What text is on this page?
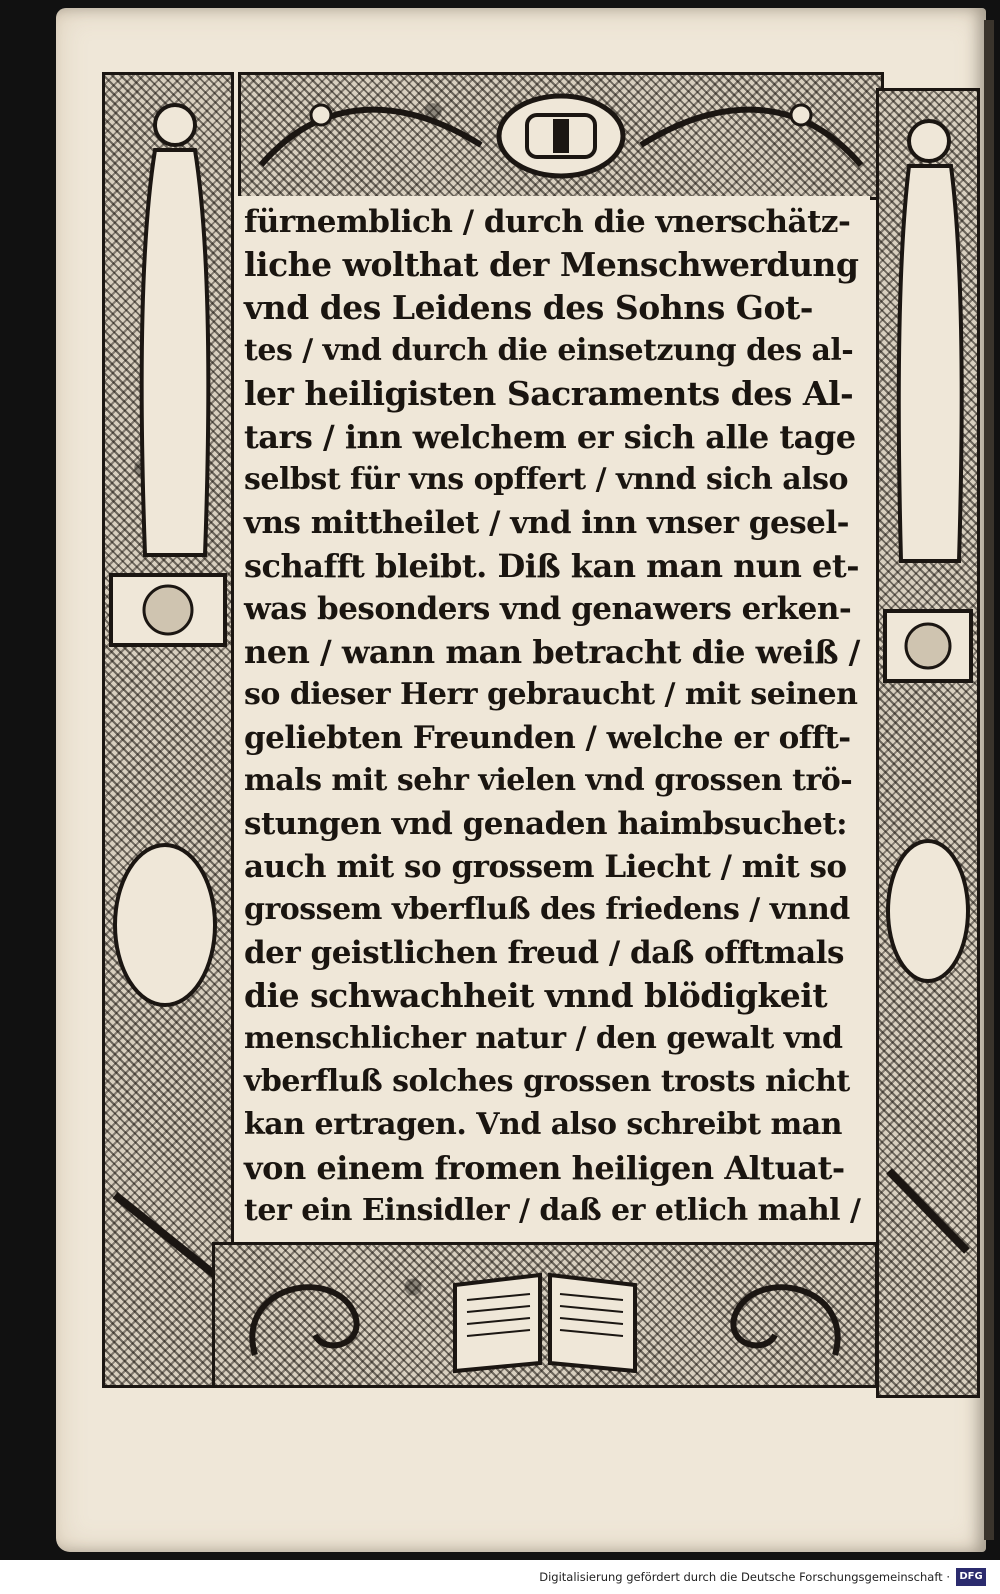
fürnemblich / durch die vnerschätz-
liche wolthat der Menschwerdung
vnd des Leidens des Sohns Got-
tes / vnd durch die einsetzung des al-
ler heiligisten Sacraments des Al-
tars / inn welchem er sich alle tage
selbst für vns opffert / vnnd sich also
vns mittheilet / vnd inn vnser gesel-
schafft bleibt. Diß kan man nun et-
was besonders vnd genawers erken-
nen / wann man betracht die weiß /
so dieser Herr gebraucht / mit seinen
geliebten Freunden / welche er offt-
mals mit sehr vielen vnd grossen trö-
stungen vnd genaden haimbsuchet:
auch mit so grossem Liecht / mit so
grossem vberfluß des friedens / vnnd
der geistlichen freud / daß offtmals
die schwachheit vnnd blödigkeit
menschlicher natur / den gewalt vnd
vberfluß solches grossen trosts nicht
kan ertragen. Vnd also schreibt man
von einem fromen heiligen Altuat-
ter ein Einsidler / daß er etlich mahl /
Digitalisierung gefördert durch die Deutsche Forschungsgemeinschaft · DFG
